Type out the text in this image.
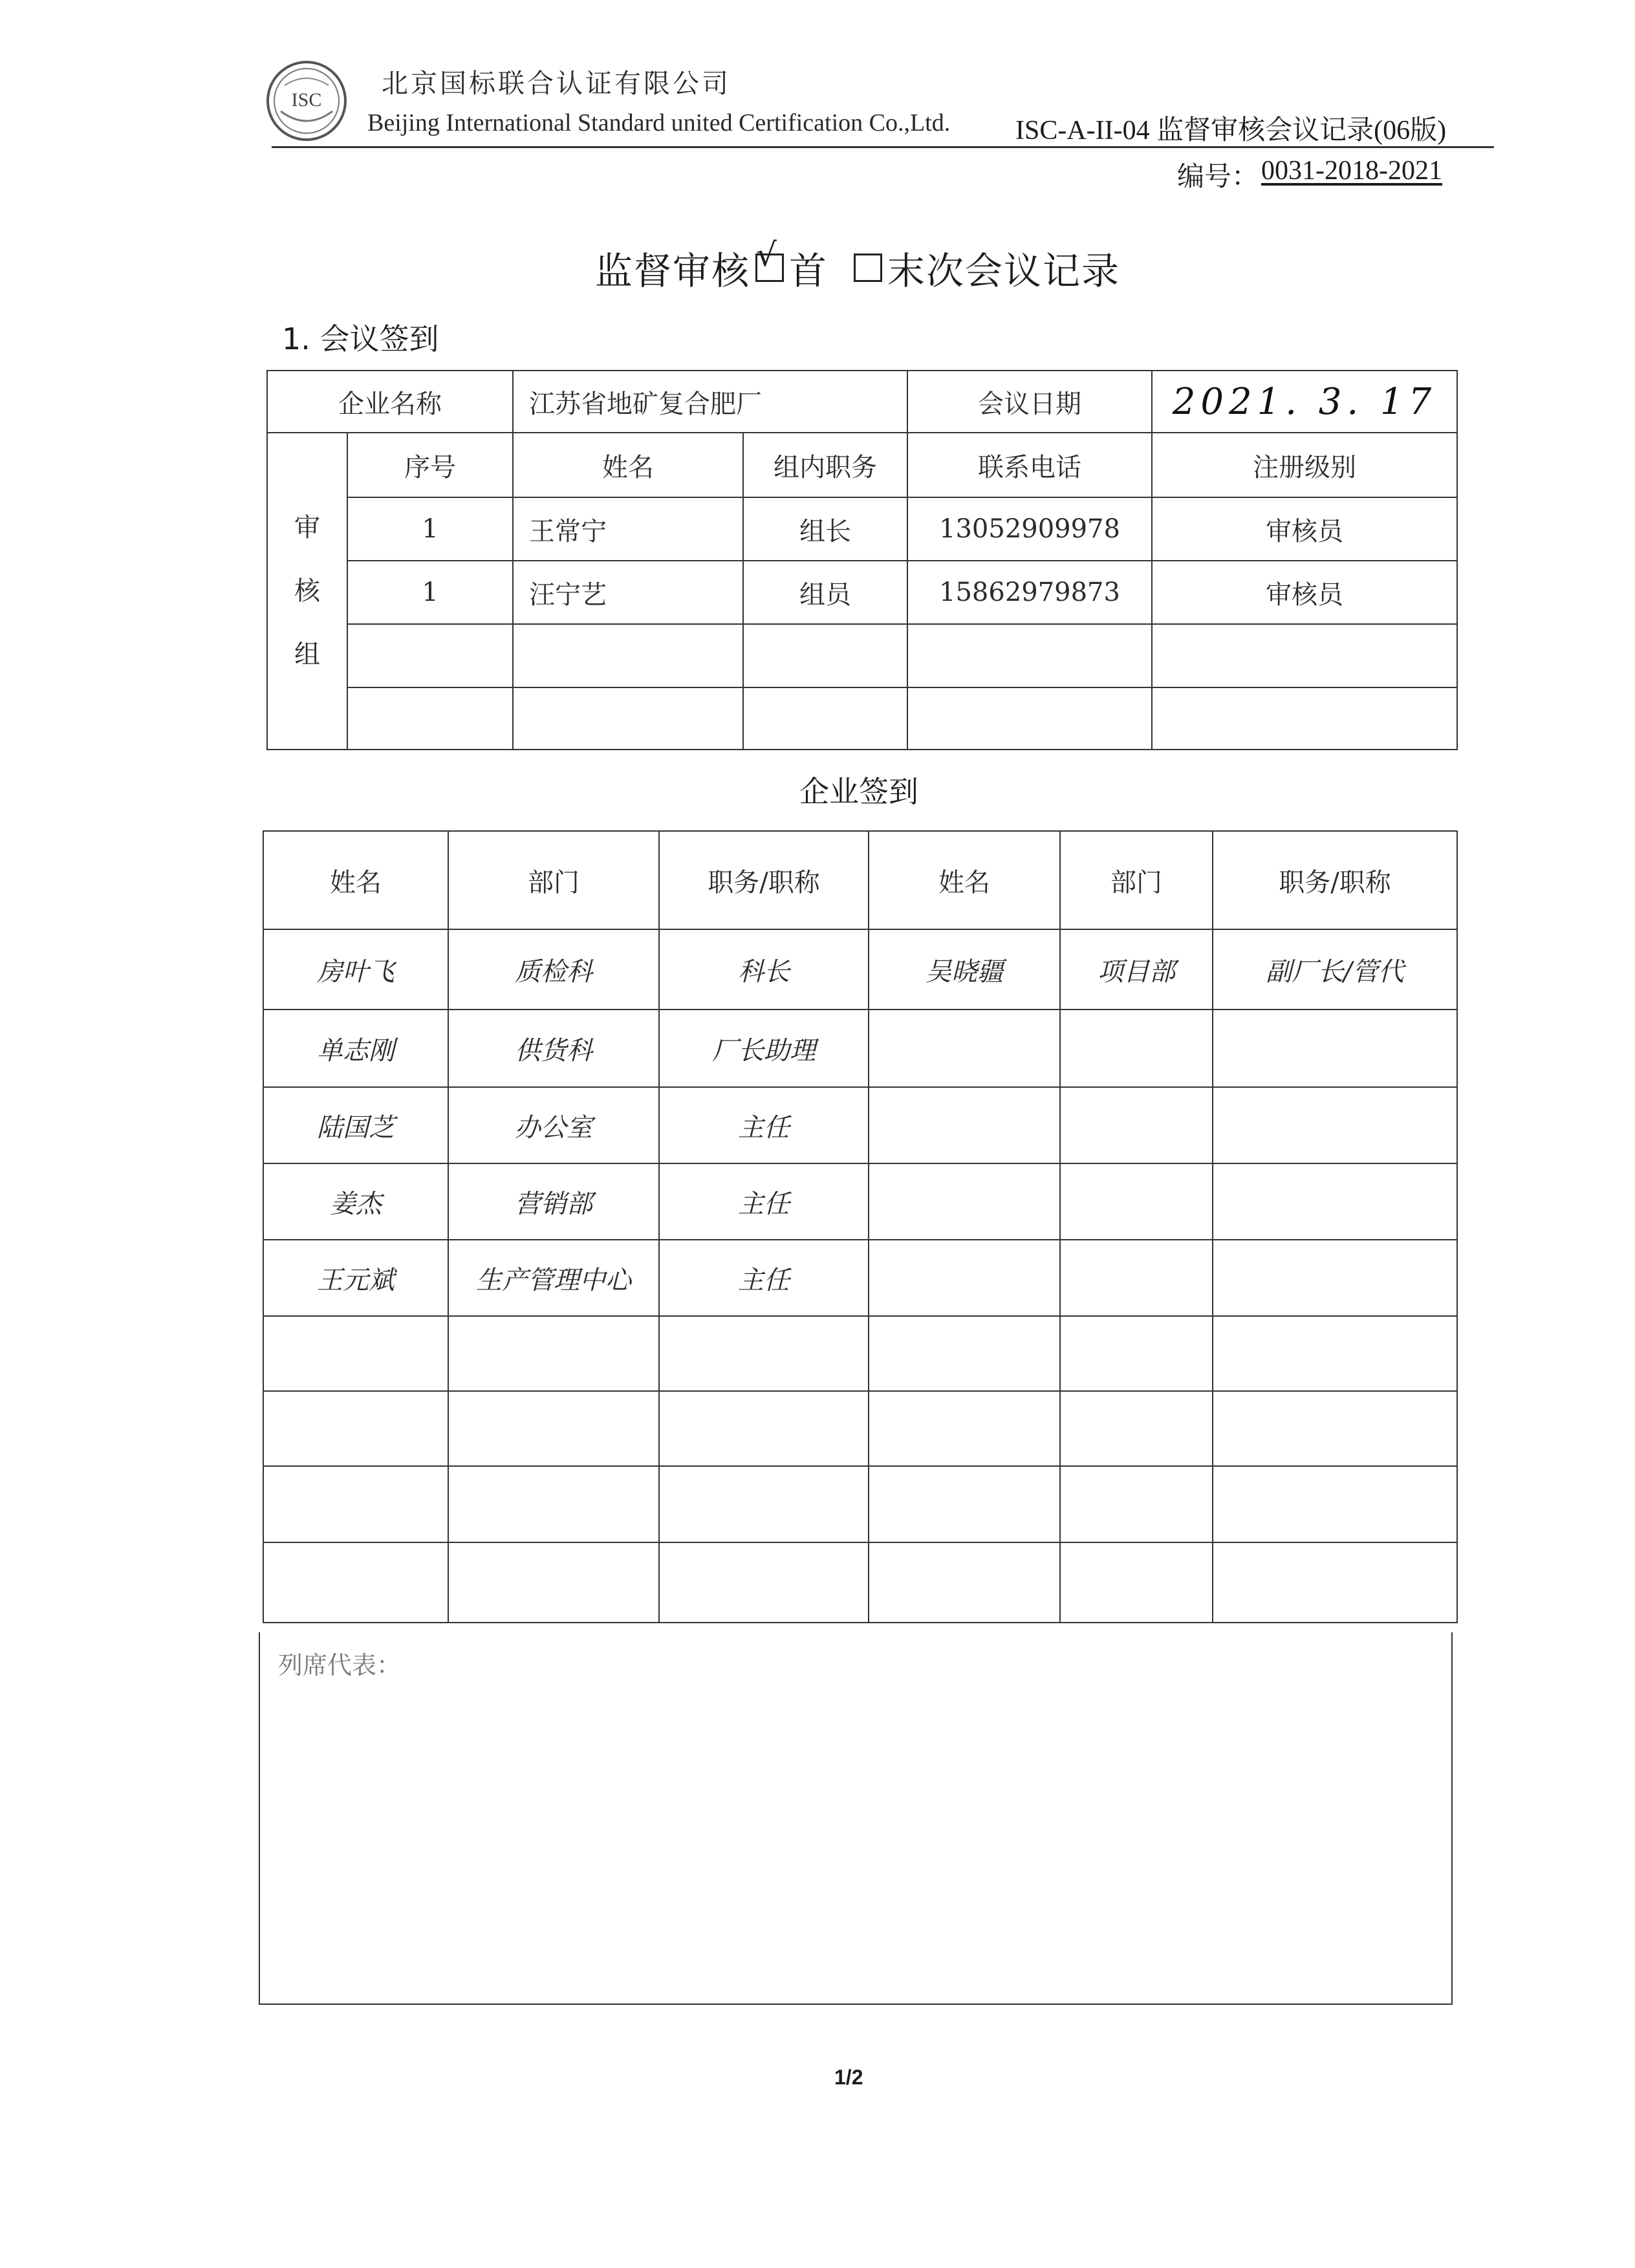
ISC
北京国标联合认证有限公司
Beijing International Standard united Certification Co.,Ltd. ISC-A-II-04 监督审核会议记录(06版)
编号： 0031-2018-2021
监督审核 √ 首 末次会议记录
1. 会议签到
企业名称		江苏省地矿复合肥厂		会议日期	2021. 3. 17

审
核
组	序号	姓名	组内职务	联系电话	注册级别
	1	王常宁	组长	13052909978	审核员
	1	汪宁艺	组员	15862979873	审核员

企业签到
姓名	部门	职务/职称	姓名	部门	职务/职称
房叶飞	质检科	科长	吴晓疆	项目部	副厂长/管代
单志刚	供货科	厂长助理			
陆国芝	办公室	主任			
姜杰	营销部	主任			
王元斌	生产管理中心	主任			

列席代表：
1/2
